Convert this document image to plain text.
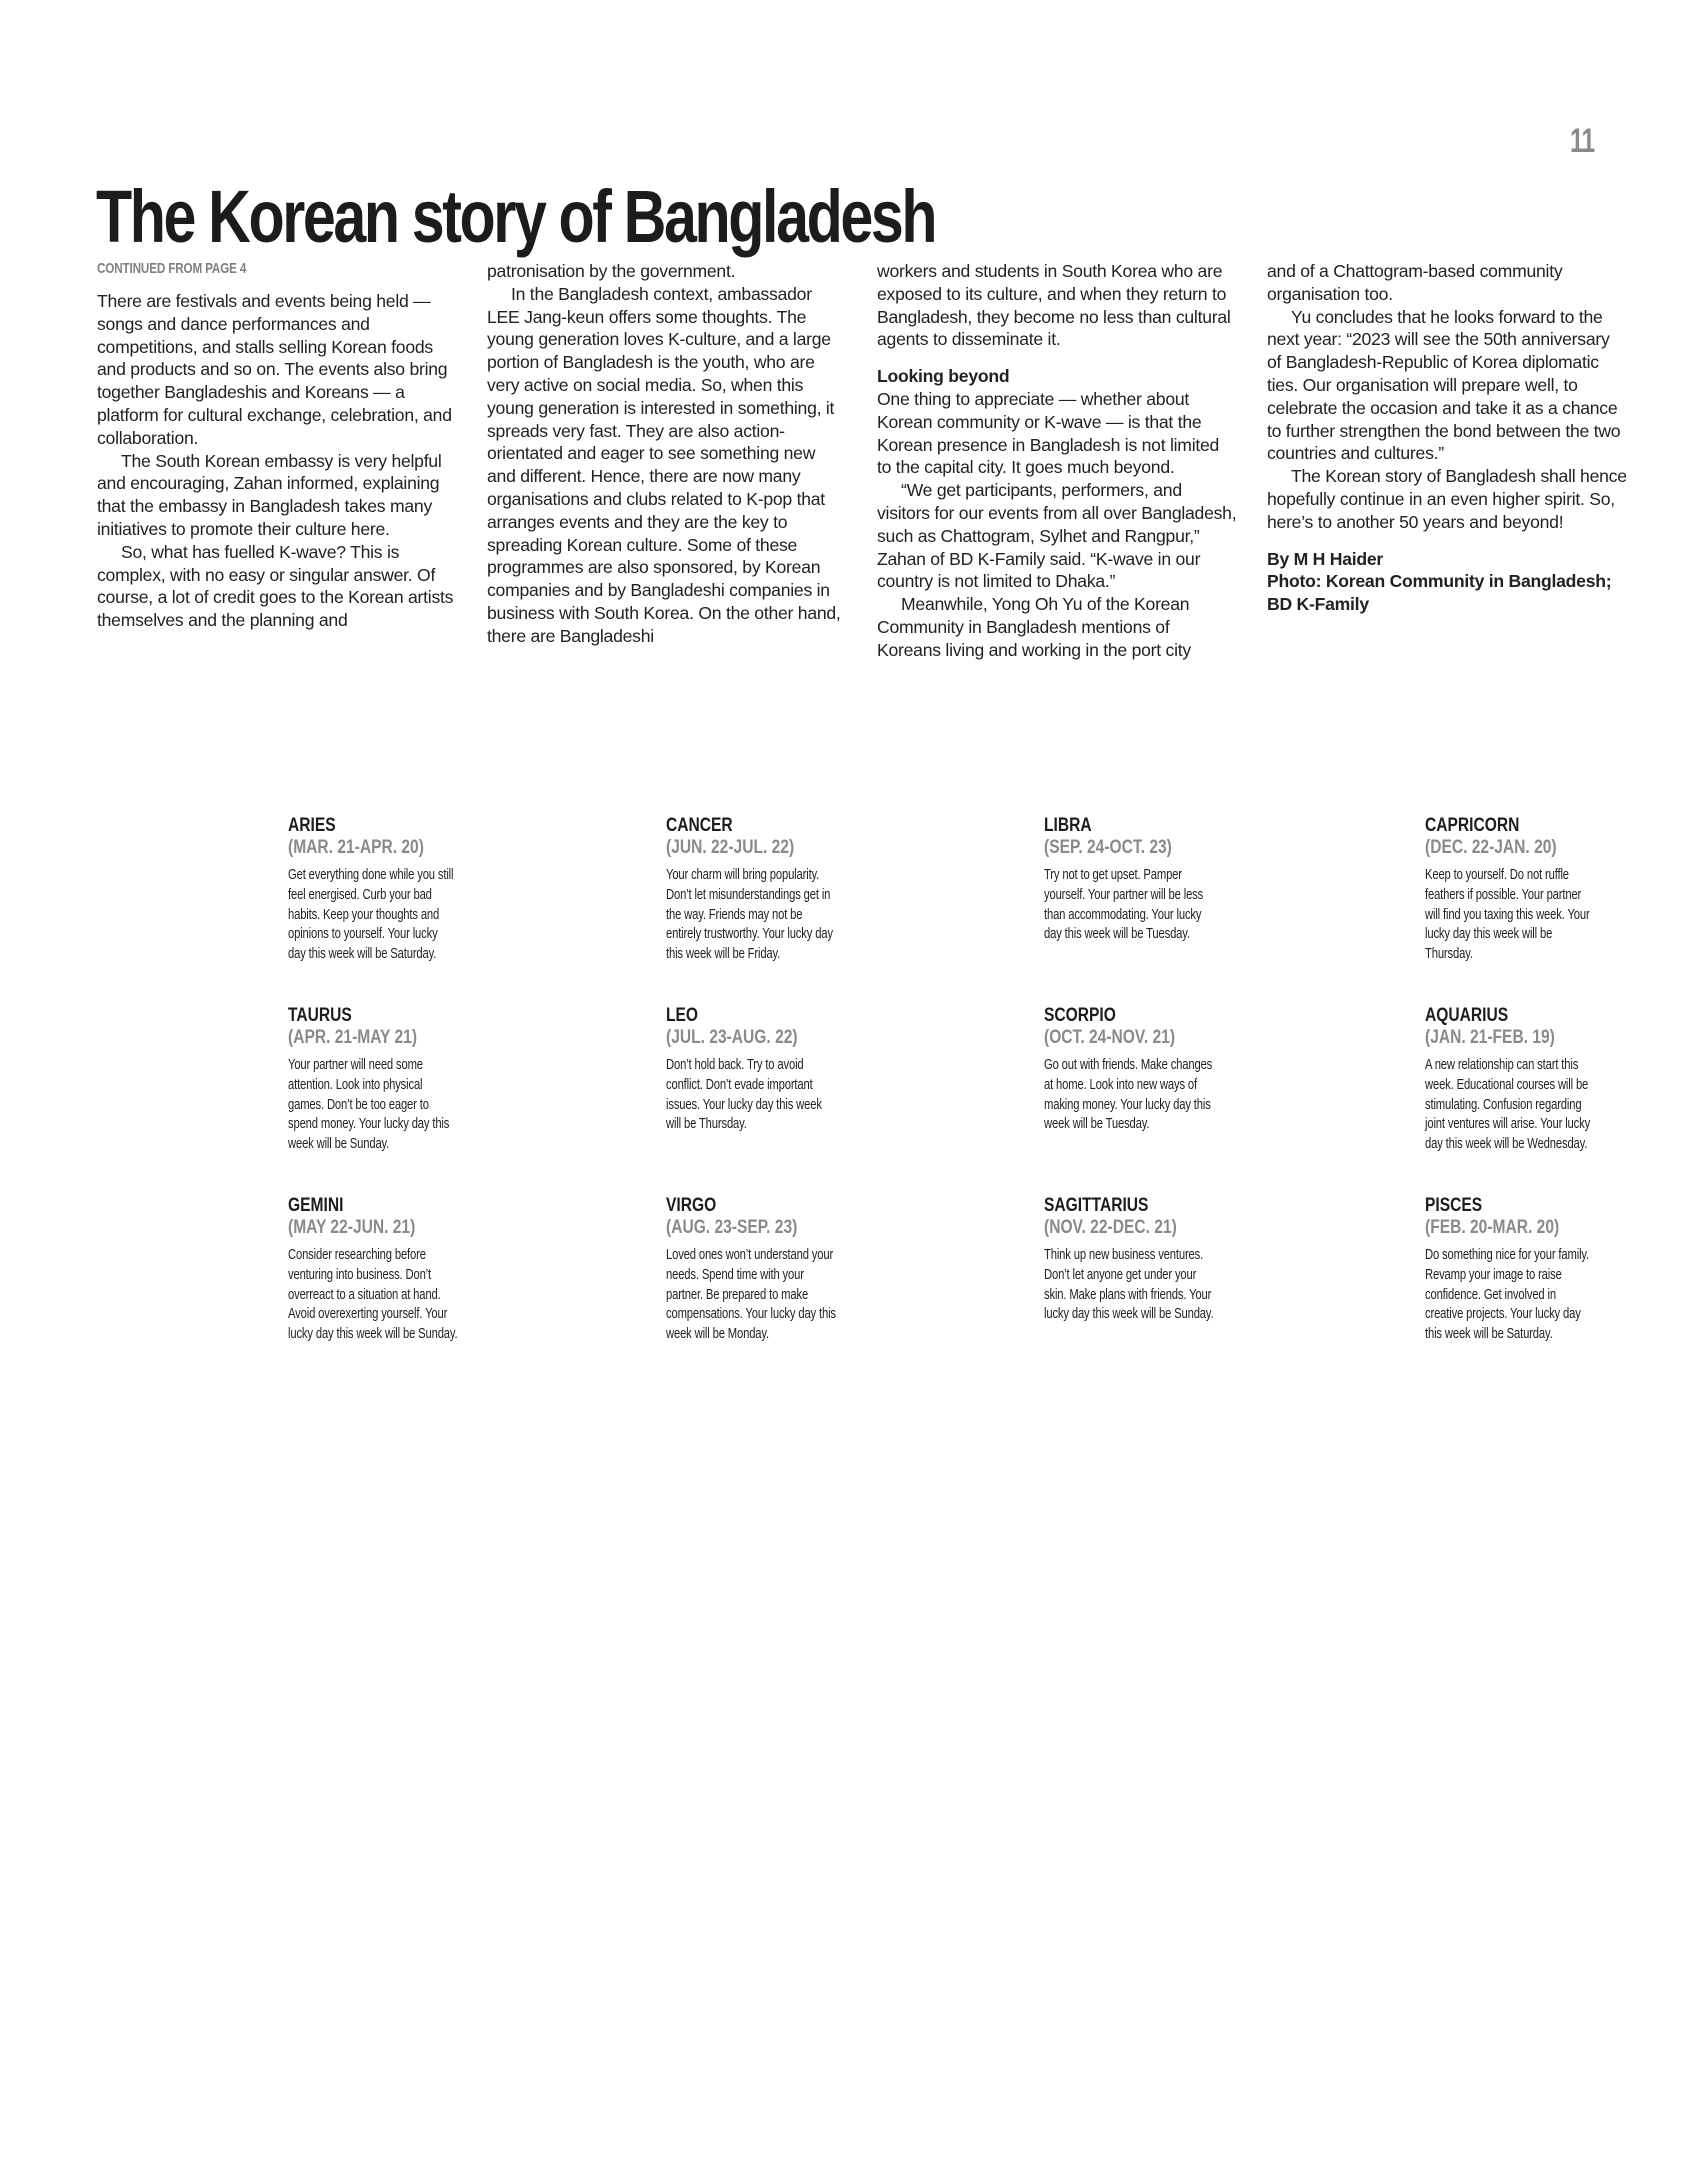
11
The Korean story of Bangladesh
CONTINUED FROM PAGE 4

There are festivals and events being held — songs and dance performances and competitions, and stalls selling Korean foods and products and so on. The events also bring together Bangladeshis and Koreans — a platform for cultural exchange, celebration, and collaboration.

The South Korean embassy is very helpful and encouraging, Zahan informed, explaining that the embassy in Bangladesh takes many initiatives to promote their culture here.

So, what has fuelled K-wave? This is complex, with no easy or singular answer. Of course, a lot of credit goes to the Korean artists themselves and the planning and

patronisation by the government.

In the Bangladesh context, ambassador LEE Jang-keun offers some thoughts. The young generation loves K-culture, and a large portion of Bangladesh is the youth, who are very active on social media. So, when this young generation is interested in something, it spreads very fast. They are also action-orientated and eager to see something new and different. Hence, there are now many organisations and clubs related to K-pop that arranges events and they are the key to spreading Korean culture. Some of these programmes are also sponsored, by Korean companies and by Bangladeshi companies in business with South Korea. On the other hand, there are Bangladeshi

workers and students in South Korea who are exposed to its culture, and when they return to Bangladesh, they become no less than cultural agents to disseminate it.

Looking beyond

One thing to appreciate — whether about Korean community or K-wave — is that the Korean presence in Bangladesh is not limited to the capital city. It goes much beyond.

“We get participants, performers, and visitors for our events from all over Bangladesh, such as Chattogram, Sylhet and Rangpur,” Zahan of BD K-Family said. “K-wave in our country is not limited to Dhaka.”

Meanwhile, Yong Oh Yu of the Korean Community in Bangladesh mentions of Koreans living and working in the port city

and of a Chattogram-based community organisation too.

Yu concludes that he looks forward to the next year: “2023 will see the 50th anniversary of Bangladesh-Republic of Korea diplomatic ties. Our organisation will prepare well, to celebrate the occasion and take it as a chance to further strengthen the bond between the two countries and cultures.”

The Korean story of Bangladesh shall hence hopefully continue in an even higher spirit. So, here’s to another 50 years and beyond!

By M H Haider

Photo: Korean Community in Bangladesh; BD K-Family

ARIES
(MAR. 21-APR. 20)
Get everything done while you still feel energised. Curb your bad habits. Keep your thoughts and opinions to yourself. Your lucky day this week will be Saturday.
TAURUS
(APR. 21-MAY 21)
Your partner will need some attention. Look into physical games. Don’t be too eager to spend money. Your lucky day this week will be Sunday.
GEMINI
(MAY 22-JUN. 21)
Consider researching before venturing into business. Don’t overreact to a situation at hand. Avoid overexerting yourself. Your lucky day this week will be Sunday.
CANCER
(JUN. 22-JUL. 22)
Your charm will bring popularity. Don’t let misunderstandings get in the way. Friends may not be entirely trustworthy. Your lucky day this week will be Friday.
LEO
(JUL. 23-AUG. 22)
Don’t hold back. Try to avoid conflict. Don’t evade important issues. Your lucky day this week will be Thursday.
VIRGO
(AUG. 23-SEP. 23)
Loved ones won’t understand your needs. Spend time with your partner. Be prepared to make compensations. Your lucky day this week will be Monday.
LIBRA
(SEP. 24-OCT. 23)
Try not to get upset. Pamper yourself. Your partner will be less than accommodating. Your lucky day this week will be Tuesday.
SCORPIO
(OCT. 24-NOV. 21)
Go out with friends. Make changes at home. Look into new ways of making money. Your lucky day this week will be Tuesday.
SAGITTARIUS
(NOV. 22-DEC. 21)
Think up new business ventures. Don’t let anyone get under your skin. Make plans with friends. Your lucky day this week will be Sunday.
CAPRICORN
(DEC. 22-JAN. 20)
Keep to yourself. Do not ruffle feathers if possible. Your partner will find you taxing this week. Your lucky day this week will be Thursday.
AQUARIUS
(JAN. 21-FEB. 19)
A new relationship can start this week. Educational courses will be stimulating. Confusion regarding joint ventures will arise. Your lucky day this week will be Wednesday.
PISCES
(FEB. 20-MAR. 20)
Do something nice for your family. Revamp your image to raise confidence. Get involved in creative projects. Your lucky day this week will be Saturday.
